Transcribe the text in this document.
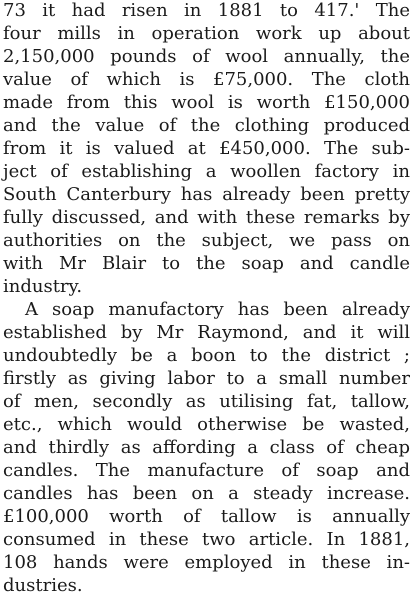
73 it had risen in 1881 to 417.' The
four mills in operation work up about
2,150,000 pounds of wool annually, the
value of which is £75,000. The cloth
made from this wool is worth £150,000
and the value of the clothing produced
from it is valued at £450,000. The sub-
ject of establishing a woollen factory in
South Canterbury has already been pretty
fully discussed, and with these remarks by
authorities on the subject, we pass on
with Mr Blair to the soap and candle
industry.
A soap manufactory has been already
established by Mr Raymond, and it will
undoubtedly be a boon to the district ;
firstly as giving labor to a small number
of men, secondly as utilising fat, tallow,
etc., which would otherwise be wasted,
and thirdly as affording a class of cheap
candles. The manufacture of soap and
candles has been on a steady increase.
£100,000 worth of tallow is annually
consumed in these two article. In 1881,
108 hands were employed in these in-
dustries.
